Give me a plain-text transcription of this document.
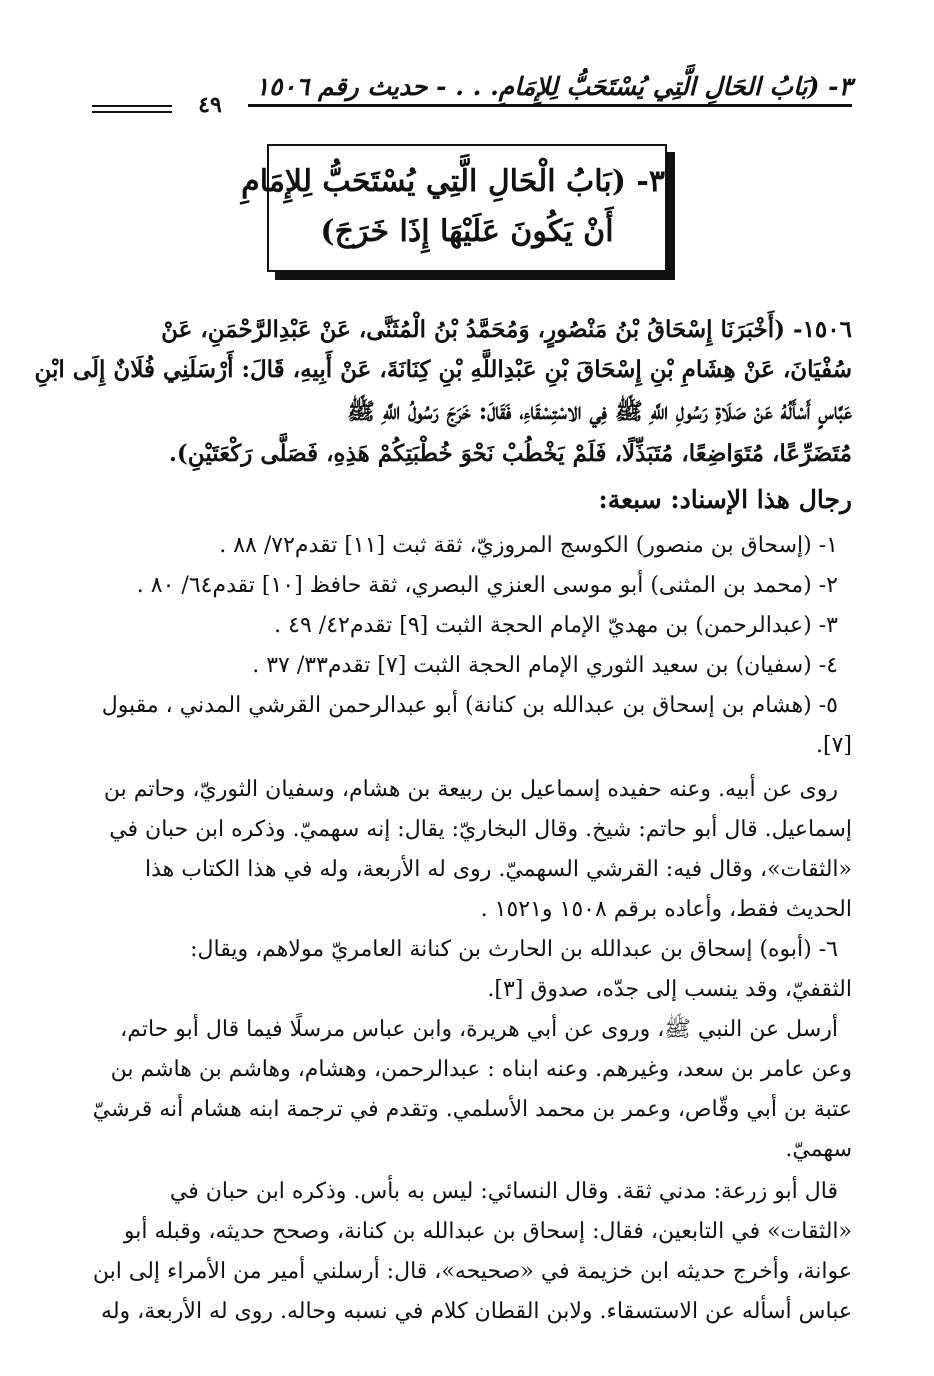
٣- (بَابُ الحَالِ الَّتِي يُسْتَحَبُّ لِلإِمَامِ. . . - حديث رقم ١٥٠٦
٤٩
٣- (بَابُ الْحَالِ الَّتِي يُسْتَحَبُّ لِلإِمَامِ
أَنْ يَكُونَ عَلَيْهَا إِذَا خَرَجَ)
١٥٠٦- (أَخْبَرَنَا إِسْحَاقُ بْنُ مَنْصُورٍ، وَمُحَمَّدُ بْنُ الْمُثَنَّى، عَنْ عَبْدِالرَّحْمَنِ، عَنْ
سُفْيَانَ، عَنْ هِشَامِ بْنِ إِسْحَاقَ بْنِ عَبْدِاللَّهِ بْنِ كِنَانَةَ، عَنْ أَبِيهِ، قَالَ: أَرْسَلَنِي فُلَانٌ إِلَى ابْنِ
عَبَّاسٍ أَسْأَلُهُ عَنْ صَلَاةِ رَسُولِ اللَّهِ ﷺ فِي الاسْتِسْقَاءِ، فَقَالَ: خَرَجَ رَسُولُ اللَّهِ ﷺ
مُتَضَرِّعًا، مُتَوَاضِعًا، مُتَبَذِّلًا، فَلَمْ يَخْطُبْ نَحْوَ خُطْبَتِكُمْ هَذِهِ، فَصَلَّى رَكْعَتَيْنِ).
رجال هذا الإسناد: سبعة:
١- (إسحاق بن منصور) الكوسج المروزيّ، ثقة ثبت [١١] تقدم٧٢/ ٨٨ .
٢- (محمد بن المثنى) أبو موسى العنزي البصري، ثقة حافظ [١٠] تقدم٦٤/ ٨٠ .
٣- (عبدالرحمن) بن مهديّ الإمام الحجة الثبت [٩] تقدم٤٢/ ٤٩ .
٤- (سفيان) بن سعيد الثوري الإمام الحجة الثبت [٧] تقدم٣٣/ ٣٧ .
٥- (هشام بن إسحاق بن عبدالله بن كنانة) أبو عبدالرحمن القرشي المدني ، مقبول
[٧].
روى عن أبيه. وعنه حفيده إسماعيل بن ربيعة بن هشام، وسفيان الثوريّ، وحاتم بن
إسماعيل. قال أبو حاتم: شيخ. وقال البخاريّ: يقال: إنه سهميّ. وذكره ابن حبان في
«الثقات»، وقال فيه: القرشي السهميّ. روى له الأربعة، وله في هذا الكتاب هذا
الحديث فقط، وأعاده برقم ١٥٠٨ و١٥٢١ .
٦- (أبوه) إسحاق بن عبدالله بن الحارث بن كنانة العامريّ مولاهم، ويقال:
الثقفيّ، وقد ينسب إلى جدّه، صدوق [٣].
أرسل عن النبي ﷺ، وروى عن أبي هريرة، وابن عباس مرسلًا فيما قال أبو حاتم،
وعن عامر بن سعد، وغيرهم. وعنه ابناه : عبدالرحمن، وهشام، وهاشم بن هاشم بن
عتبة بن أبي وقّاص، وعمر بن محمد الأسلمي. وتقدم في ترجمة ابنه هشام أنه قرشيّ
سهميّ.
قال أبو زرعة: مدني ثقة. وقال النسائي: ليس به بأس. وذكره ابن حبان في
«الثقات» في التابعين، فقال: إسحاق بن عبدالله بن كنانة، وصحح حديثه، وقبله أبو
عوانة، وأخرج حديثه ابن خزيمة في «صحيحه»، قال: أرسلني أمير من الأمراء إلى ابن
عباس أسأله عن الاستسقاء. ولابن القطان كلام في نسبه وحاله. روى له الأربعة، وله
